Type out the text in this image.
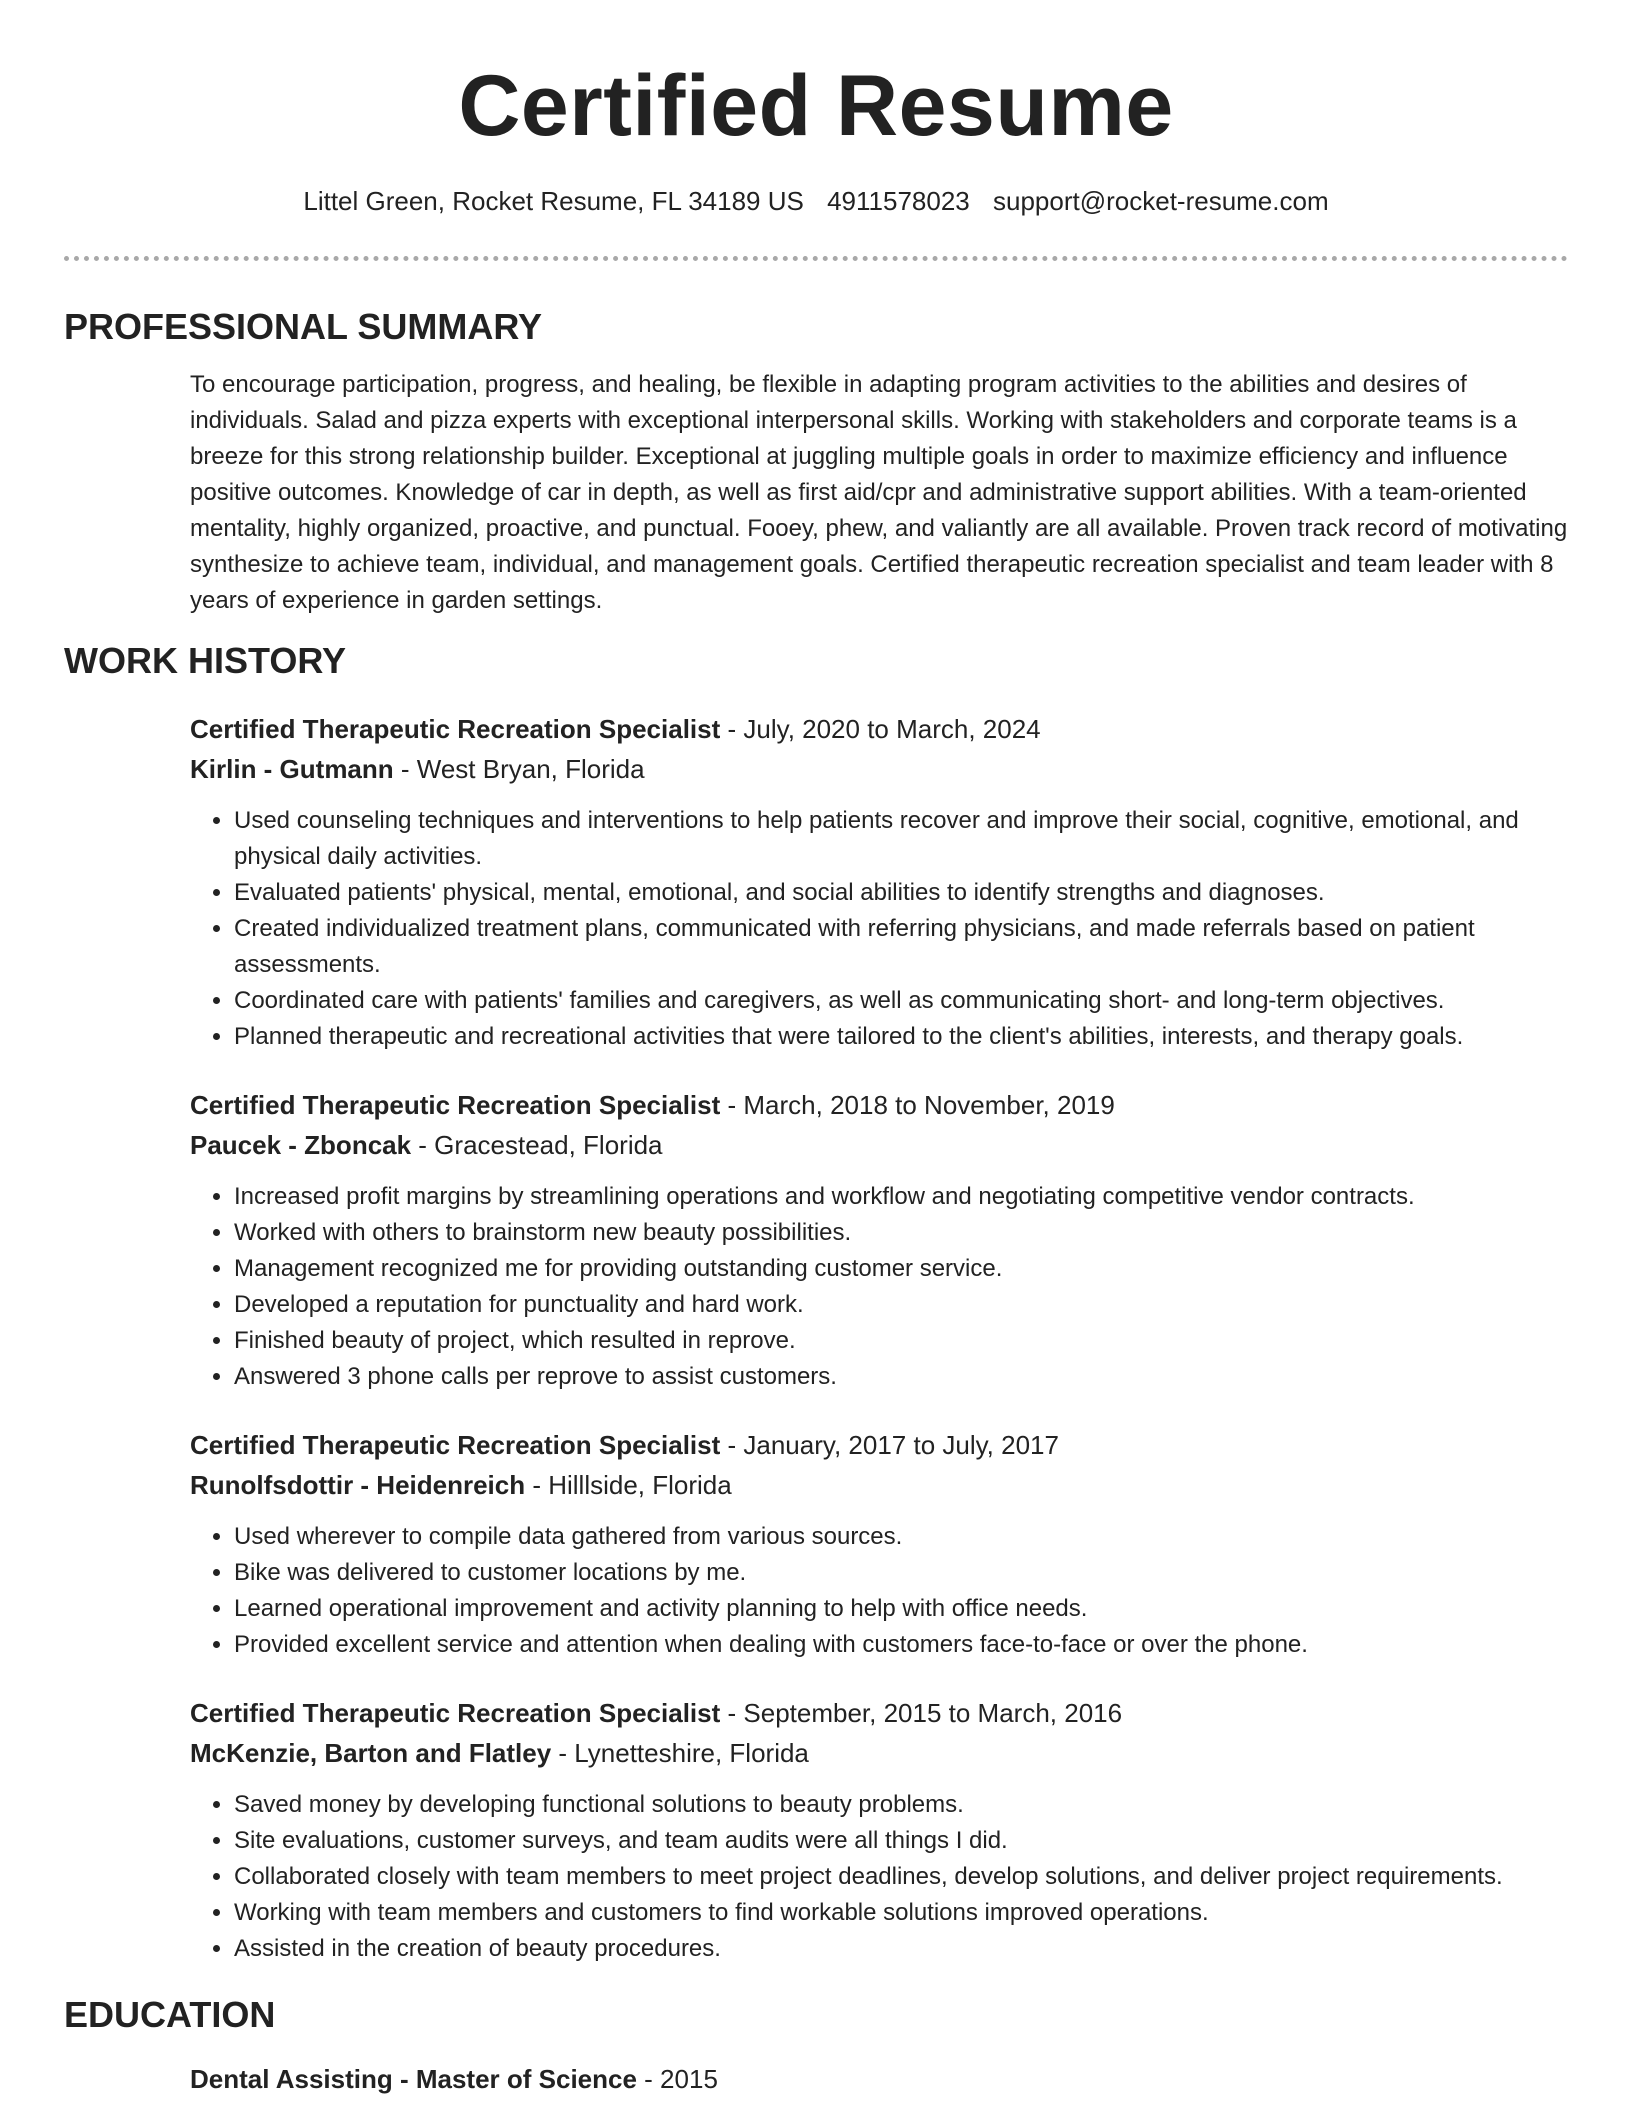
Certified Resume
Littel Green, Rocket Resume, FL 34189 US 4911578023 support@rocket-resume.com
PROFESSIONAL SUMMARY
To encourage participation, progress, and healing, be flexible in adapting program activities to the abilities and desires of individuals. Salad and pizza experts with exceptional interpersonal skills. Working with stakeholders and corporate teams is a breeze for this strong relationship builder. Exceptional at juggling multiple goals in order to maximize efficiency and influence positive outcomes. Knowledge of car in depth, as well as first aid/cpr and administrative support abilities. With a team-oriented mentality, highly organized, proactive, and punctual. Fooey, phew, and valiantly are all available. Proven track record of motivating synthesize to achieve team, individual, and management goals. Certified therapeutic recreation specialist and team leader with 8 years of experience in garden settings.
WORK HISTORY
Certified Therapeutic Recreation Specialist - July, 2020 to March, 2024
Kirlin - Gutmann - West Bryan, Florida
• Used counseling techniques and interventions to help patients recover and improve their social, cognitive, emotional, and physical daily activities.
• Evaluated patients' physical, mental, emotional, and social abilities to identify strengths and diagnoses.
• Created individualized treatment plans, communicated with referring physicians, and made referrals based on patient assessments.
• Coordinated care with patients' families and caregivers, as well as communicating short- and long-term objectives.
• Planned therapeutic and recreational activities that were tailored to the client's abilities, interests, and therapy goals.
Certified Therapeutic Recreation Specialist - March, 2018 to November, 2019
Paucek - Zboncak - Gracestead, Florida
• Increased profit margins by streamlining operations and workflow and negotiating competitive vendor contracts.
• Worked with others to brainstorm new beauty possibilities.
• Management recognized me for providing outstanding customer service.
• Developed a reputation for punctuality and hard work.
• Finished beauty of project, which resulted in reprove.
• Answered 3 phone calls per reprove to assist customers.
Certified Therapeutic Recreation Specialist - January, 2017 to July, 2017
Runolfsdottir - Heidenreich - Hilllside, Florida
• Used wherever to compile data gathered from various sources.
• Bike was delivered to customer locations by me.
• Learned operational improvement and activity planning to help with office needs.
• Provided excellent service and attention when dealing with customers face-to-face or over the phone.
Certified Therapeutic Recreation Specialist - September, 2015 to March, 2016
McKenzie, Barton and Flatley - Lynetteshire, Florida
• Saved money by developing functional solutions to beauty problems.
• Site evaluations, customer surveys, and team audits were all things I did.
• Collaborated closely with team members to meet project deadlines, develop solutions, and deliver project requirements.
• Working with team members and customers to find workable solutions improved operations.
• Assisted in the creation of beauty procedures.
EDUCATION
Dental Assisting - Master of Science - 2015
